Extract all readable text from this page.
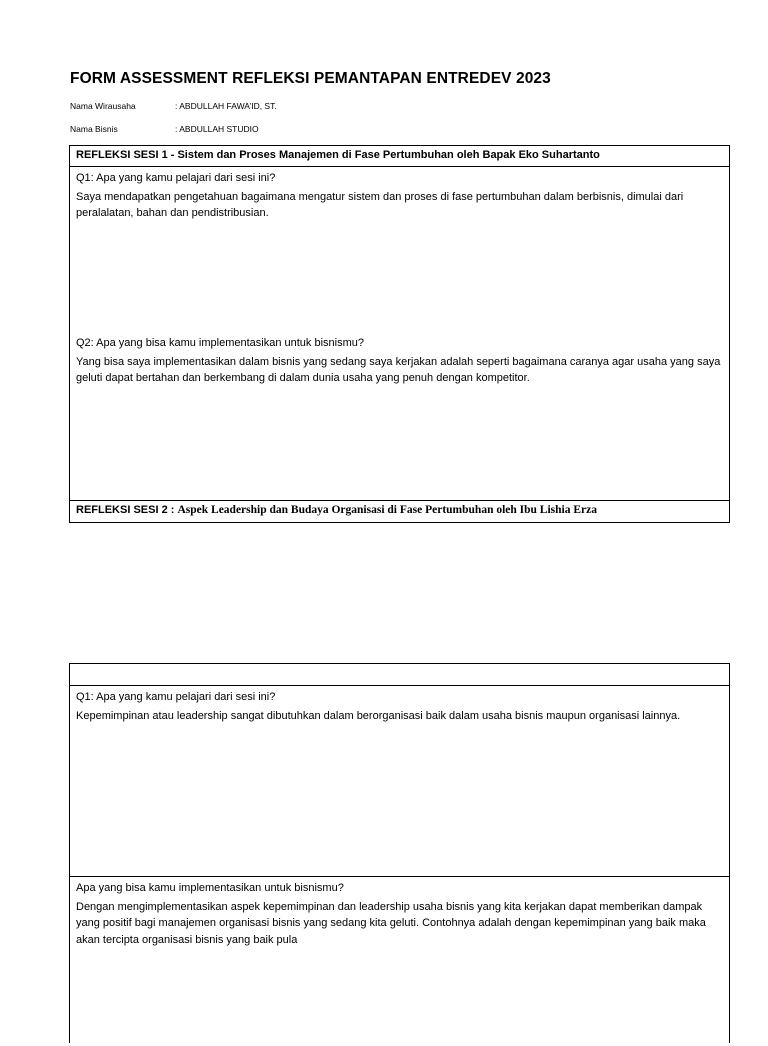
FORM ASSESSMENT REFLEKSI PEMANTAPAN ENTREDEV 2023
Nama Wirausaha	: ABDULLAH FAWA’ID, ST.
Nama Bisnis	: ABDULLAH STUDIO
REFLEKSI SESI 1 - Sistem dan Proses Manajemen di Fase Pertumbuhan oleh Bapak Eko Suhartanto
Q1: Apa yang kamu pelajari dari sesi ini?
Saya mendapatkan pengetahuan bagaimana mengatur sistem dan proses di fase pertumbuhan dalam berbisnis, dimulai dari peralalatan, bahan dan pendistribusian.
Q2: Apa yang bisa kamu implementasikan untuk bisnismu?
Yang bisa saya implementasikan dalam bisnis yang sedang saya kerjakan adalah seperti bagaimana caranya agar usaha yang saya geluti dapat bertahan dan berkembang di dalam dunia usaha yang penuh dengan kompetitor.
REFLEKSI SESI 2 : Aspek Leadership dan Budaya Organisasi di Fase Pertumbuhan oleh Ibu Lishia Erza
Q1: Apa yang kamu pelajari dari sesi ini?
Kepemimpinan atau leadership sangat dibutuhkan dalam berorganisasi baik dalam usaha bisnis maupun organisasi lainnya.
Apa yang bisa kamu implementasikan untuk bisnismu?
Dengan mengimplementasikan aspek kepemimpinan dan leadership usaha bisnis yang kita kerjakan dapat memberikan dampak yang positif bagi manajemen organisasi bisnis yang sedang kita geluti. Contohnya adalah dengan kepemimpinan yang baik maka akan tercipta organisasi bisnis yang baik pula
